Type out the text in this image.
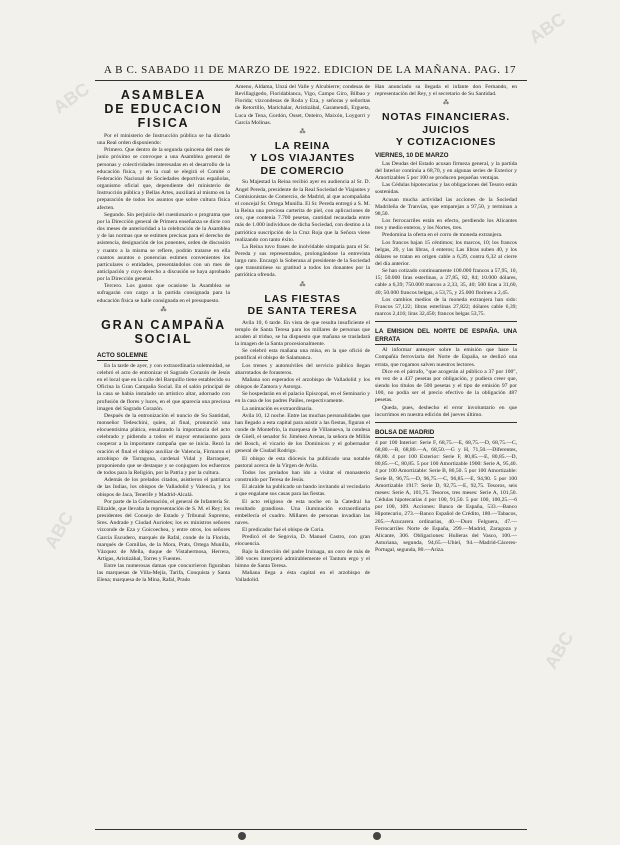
ABC
ABC
ABC
ABC
A B C. SABADO 11 DE MARZO DE 1922. EDICION DE LA MAÑANA. PAG. 17
ASAMBLEA
DE EDUCACION
FISICA

Por el ministerio de Instrucción pública se ha dictado una Real orden disponiendo:

Primero. Que dentro de la segunda quincena del mes de junio próximo se convoque a una Asamblea general de personas y colectividades interesadas en el desarrollo de la educación física, y en la cual se elegirá el Comité o Federación Nacional de Sociedades deportivas españolas, organismo oficial que, dependiente del ministerio de Instrucción pública y Bellas Artes, auxiliará al mismo en la preparación de todos los asuntos que sobre cultura física afecten.

Segundo. Sin perjuicio del cuestionario o programa que por la Dirección general de Primera enseñanza se dicte con dos meses de anterioridad a la celebración de la Asamblea y de las normas que se estimen precisas para el derecho de asistencia, designación de los ponentes, orden de discusión y cuanto a la misma se refiere, podrán tratarse en ella cuantos asuntos o ponencias estimen convenientes los particulares o entidades, presentándolos con un mes de anticipación y cuyo derecho a discusión se haya aprobado por la Dirección general.

Tercero. Los gastos que ocasione la Asamblea se sufragarán con cargo a la partida consignada para la educación física se halle consignada en el presupuesto.

⁂
GRAN CAMPAÑA
SOCIAL
ACTO SOLEMNE

En la tarde de ayer, y con extraordinaria solemnidad, se celebró el acto de entronizar el Sagrado Corazón de Jesús en el local que en la calle del Barquillo tiene establecido su Oficina la Gran Campaña Social. En el salón principal de la casa se había instalado un artístico altar, adornado con profusión de flores y luces, en el que aparecía una preciosa imagen del Sagrado Corazón.

Después de la entronización el nuncio de Su Santidad, monseñor Tedeschini, quien, al final, pronunció una elocuentísima plática, ensalzando la importancia del acto celebrado y pidiendo a todos el mayor entusiasmo para cooperar a la importante campaña que se inicia. Rezó la oración el final el obispo auxiliar de Valencia, Firmaron el arzobispo de Tarragona, cardenal Vidal y Barraquer, proponiendo que se destaque y se conjuguen los esfuerzos de todos para la Religión, por la Patria y por la cultura.

Además de los prelados citados, asistieron el patriarca de las Indias, los obispos de Valladolid y Valencia, y los obispos de Jaca, Tenerife y Madrid-Alcalá.

Por parte de la Gobernación, el general de Infantería Sr. Elizalde, que llevaba la representación de S. M. el Rey; los presidentes del Consejo de Estado y Tribunal Supremo, Sres. Andrade y Ciudad Aurioles; los ex ministros señores vizconde de Eza y Goicoechea, y entre otros, los señores García Escudero, marqués de Rafal, conde de la Florida, marqués de Comillas, de la Mora, Prats, Ortega Munilla, Vázquez de Mella, duque de Vistahermosa, Herrera, Artigas, Aristizábal, Torres y Fuentes.

Entre las numerosas damas que concurrieron figuraban las marquesas de Villa-Mejía, Tarifa, Conquista y Santa Elena; marquesa de la Mina, Rafal, Prado

Ameno, Aldama, Unzá del Valle y Alcubierre; condesas de Revillagigedo, Floridablanca, Vigo, Campo Giro, Bilbao y Florida; vizcondesas de Roda y Eza, y señoras y señoritas de Retortillo, Marichalar, Aristizábal, Garamendi, Ergueta, Luca de Tena, Gordón, Osset, Onteiro, Maixón, Loygorri y García Molinas.

⁂
LA REINA
Y LOS VIAJANTES
DE COMERCIO

Su Majestad la Reina recibió ayer en audiencia al Sr. D. Angel Pereda, presidente de la Real Sociedad de Viajantes y Comisionistas de Comercio, de Madrid, al que acompañaba el concejal Sr. Ortega Munilla. El Sr. Pereda entregó a S. M. la Reina una preciosa carterita de piel, con aplicaciones de oro, que contenía 7.700 pesetas, cantidad recaudada entre más de 1.000 individuos de dicha Sociedad, con destino a la patriótica suscripción de la Cruz Roja que la Señora viene realizando con tanto éxito.

La Reina tuvo frases de inolvidable simpatía para el Sr. Pereda y sus representados, prolongándose la entrevista largo rato. Encargó la Soberana al presidente de la Sociedad que transmitiese su gratitud a todos los donantes por la patriótica ofrenda.

⁂
LAS FIESTAS
DE SANTA TERESA

Avila 10, 6 tarde. En vista de que resulta insuficiente el templo de Santa Teresa para los millares de personas que acuden al triduo, se ha dispuesto que mañana se trasladará la imagen de la Santa procesionalmente.

Se celebró esta mañana una misa, en la que ofició de pontifical el obispo de Salamanca.

Los trenes y automóviles del servicio público llegan abarrotados de forasteros.

Mañana son esperados el arzobispo de Valladolid y los obispos de Zamora y Astorga.

Se hospedarán en el palacio Episcopal, en el Seminario y en la casa de los padres Paúles, respectivamente.

La animación es extraordinaria.

Avila 10, 12 noche. Entre las muchas personalidades que han llegado a esta capital para asistir a las fiestas, figuran el conde de Montefrío, la marquesa de Villanueva, la condesa de Güell, el senador Sr. Jiménez Arenas, la señora de Millás del Bosch, el vicario de los Dominicos y el gobernador general de Ciudad Rodrigo.

El obispo de esta diócesis ha publicado una notable pastoral acerca de la Virgen de Avila.

Todos los prelados han ido a visitar el monasterio construido por Teresa de Jesús.

El alcalde ha publicado un bando invitando al vecindario a que engalane sus casas para las fiestas.

El acto religioso de esta noche en la Catedral ha resultado grandioso. Una iluminación extraordinaria embellecía el cuadro. Millares de personas invadían las naves.

El predicador fué el obispo de Coria.

Predicó el de Segovia, D. Manuel Castro, con gran elocuencia.

Bajo la dirección del padre Iruinaga, un coro de más de 300 voces interpretó admirablemente el Tantum ergo y el himno de Santa Teresa.

Mañana llega a ésta capital en el arzobispo de Valladolid.

Han anunciado su llegada el infante don Fernando, en representación del Rey, y el secretario de Su Santidad.

⁂
NOTAS FINANCIERAS.
JUICIOS
Y COTIZACIONES
VIERNES, 10 DE MARZO

Las Deudas del Estado acusan firmeza general, y la partida del Interior continúa a 68,70, y en algunas series de Exterior y Amortizables 5 por 100 se producen pequeñas ventajas.

Las Cédulas hipotecarias y las obligaciones del Tesoro están sostenidas.

Acusan mucha actividad las acciones de la Sociedad Madrileña de Tranvías, que emparejan a 97,50, y terminan a 98,50.

Los ferrocarriles están en efecto, perdiendo los Alicantes tres y medio enteros, y los Nortes, tres.

Predomina la oferta en el corro de moneda extranjera.

Los francos bajan 15 céntimos; los marcos, 10; los francos belgas, 20, y las libras, 4 enteros; Las libras suben 40, y los dólares se tratan en origen cable a 6,39, contra 6,32 al cierre del día anterior.

Se han cotizado continuamente 100.000 francos a 57,95, 10, 15; 50.000 liras esterlinas, a 27,85, 82, 84; 10.000 dólares, cable a 6,39; 750.000 marcos a 2,33, 35, 40; 500 liras a 31,60, 40; 50.000 francos belgas, a 53,75, y 25.000 florines a 2,45.

Los cambios medios de la moneda extranjera han sido: Francos 57,122; libras esterlinas 27,822; dólares cable 6,39; marcos 2,416; liras 32,450; francos belgas 53,75.

LA EMISION DEL NORTE DE ESPAÑA. UNA ERRATA

Al informar anteayer sobre la emisión que hace la Compañía ferroviaria del Norte de España, se deslizó una errata, que rogamos salven nuestros lectores.

Dice en el párrafo, "que acogerán al público a 37 por 100", en vez de a 437 pesetas por obligación, y pudiera creer que, siendo los títulos de 500 pesetas y el tipo de emisión 97 por 100, no podía ser el precio efectivo de la obligación 487 pesetas.

Queda, pues, deshecho el error involuntario en que incurrimos en nuestra edición del jueves último.

BOLSA DE MADRID

4 por 100 Interior: Serie F, 68,75.—E, 68,75.—D, 68,75.—C, 68,80.—B, 68,80.—A, 68,50.—G y H, 71,50.—Diferentes, 68,80. 4 por 100 Exterior: Serie F, 80,85.—E, 80,85.—D, 80,85.—C, 80,85. 5 por 100 Amortizable 1900: Serie A, 95,40. 4 por 100 Amortizable: Serie B, 86,50. 5 por 100 Amortizable: Serie B, 96,75.—D, 96,75.—C, 96,85.—E, 94,90. 5 por 100 Amortizable 1917: Serie D, 92,75.—E, 92,75. Tesoros, seis meses: Serie A, 101,75. Tesoros, tres meses: Serie A, 101,50. Cédulas hipotecarias 4 por 100, 91,50. 5 por 100, 100,25.—6 por 100, 109. Acciones: Banco de España, 533.—Banco Hipotecario, 273.—Banco Español de Crédito, 180.—Tabacos, 205.—Azucarera ordinarias, 40.—Duro Felguera, 47.—Ferrocarriles Norte de España, 299.—Madrid, Zaragoza y Alicante, 306. Obligaciones: Hulleras del Vasco, 100.—Asturiana, segunda, 94,65.—Ubiel, 94.—Madrid-Cáceres-Portugal, segunda, 80.—Ariza.
